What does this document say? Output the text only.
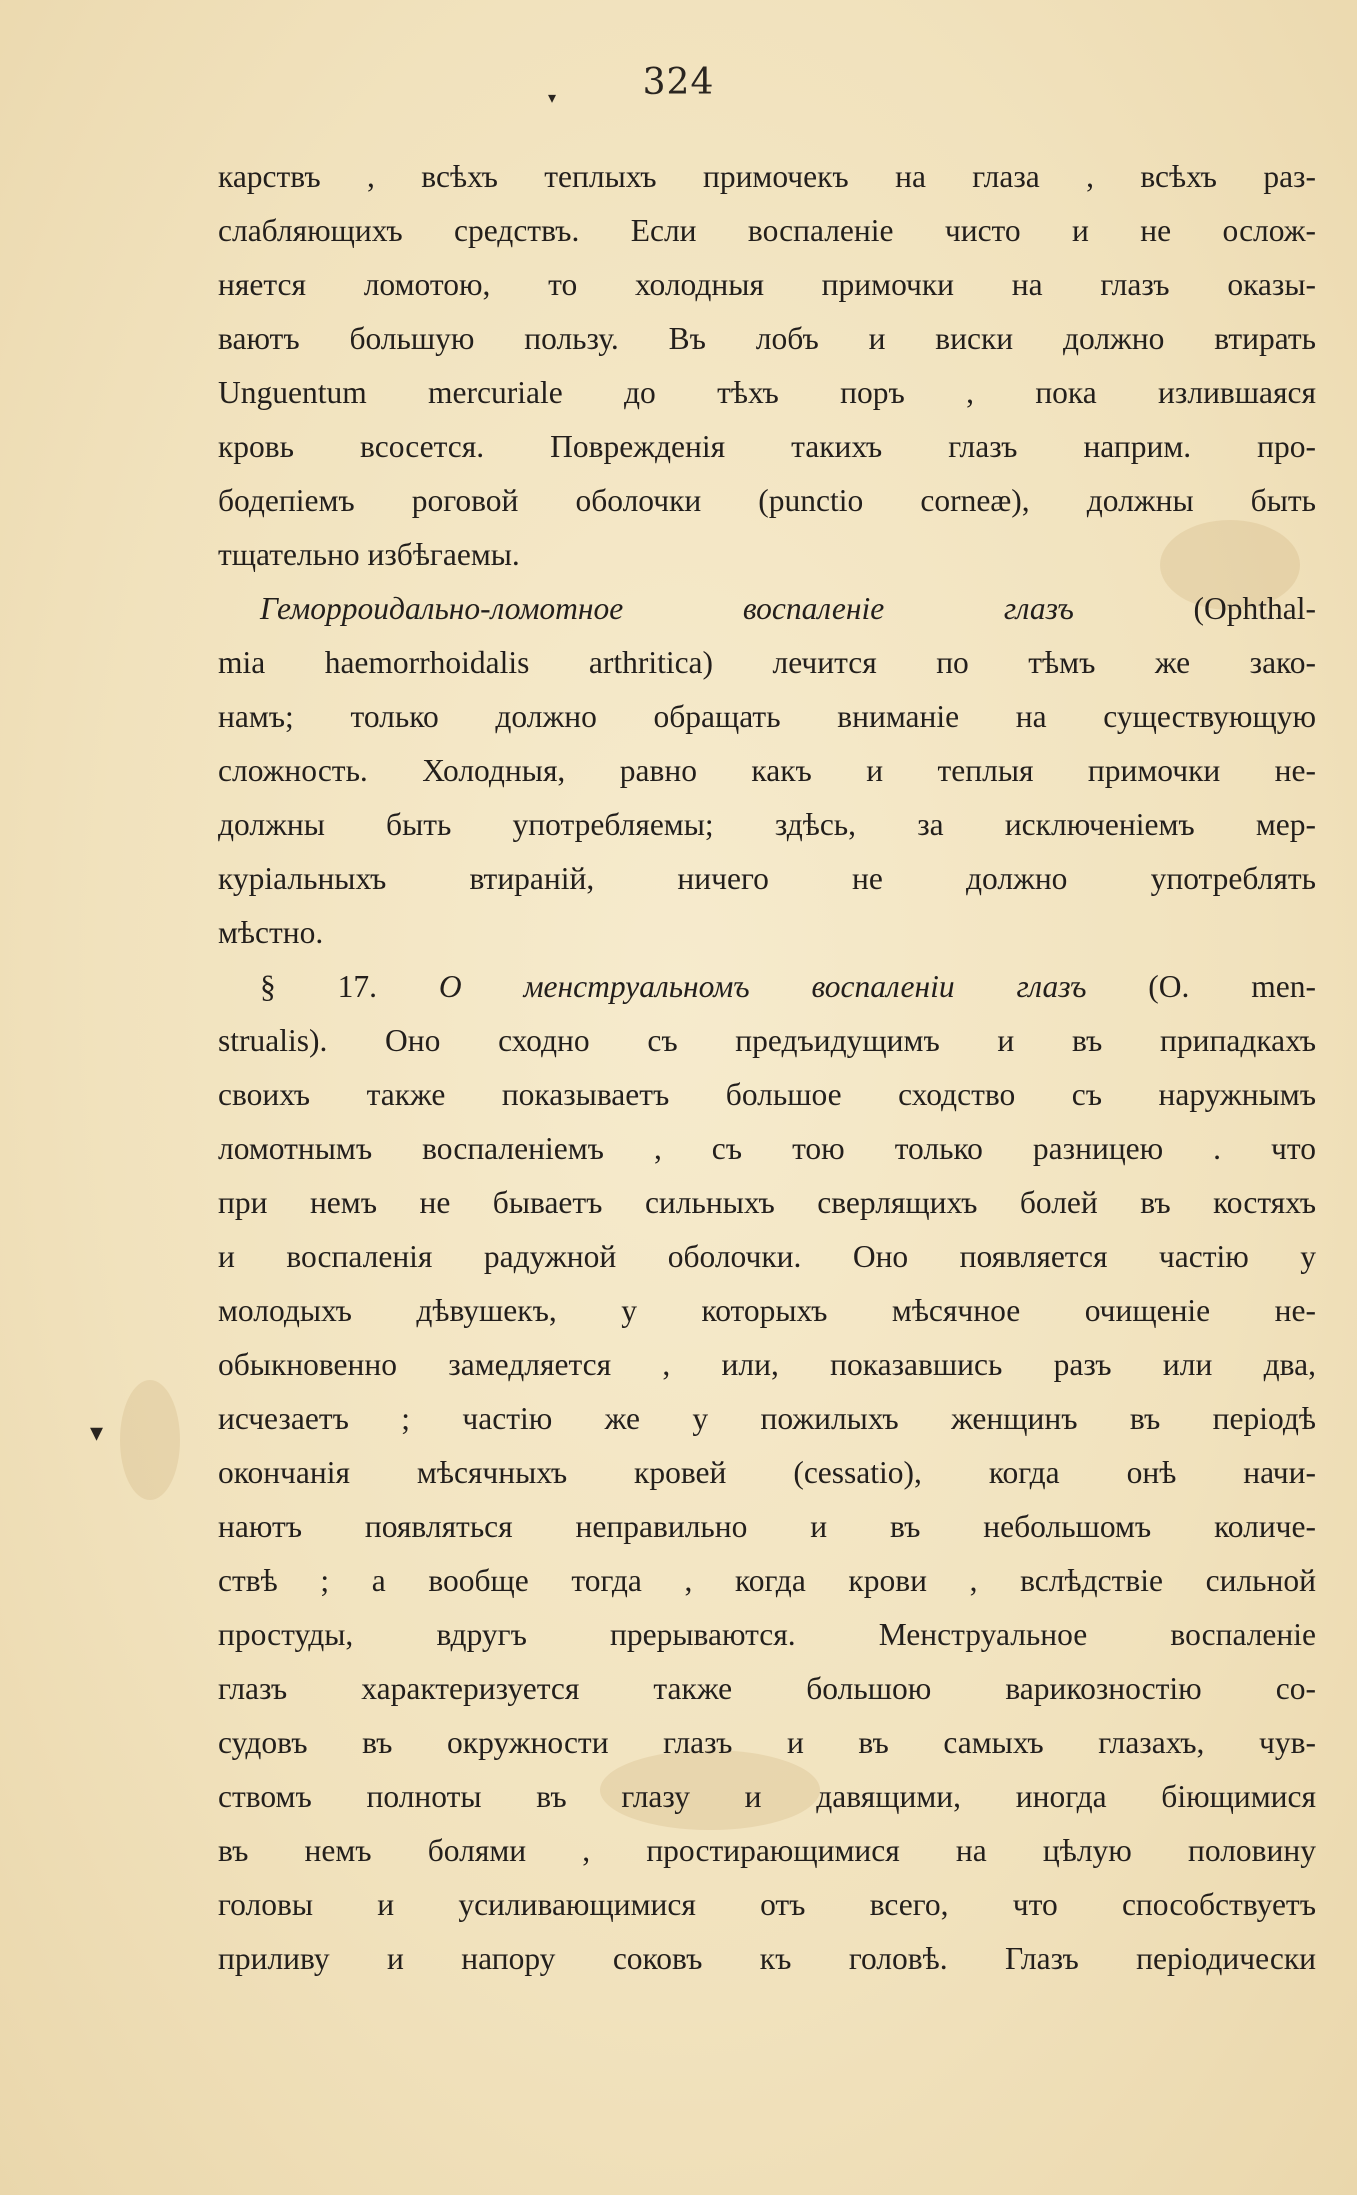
▾
▾
324
карствъ , всѣхъ теплыхъ примочекъ на глаза , всѣхъ раз-
слабляющихъ средствъ. Если воспаленіе чисто и не ослож-
няется ломотою, то холодныя примочки на глазъ оказы-
ваютъ большую пользу. Въ лобъ и виски должно втирать
Unguentum mercuriale до тѣхъ поръ , пока излившаяся
кровь всосется. Поврежденія такихъ глазъ наприм. про-
бодепіемъ роговой оболочки (punctio corneæ), должны быть
тщательно избѣгаемы.
Геморроидально-ломотное воспаленіе глазъ (Ophthal-
mia haemorrhoidalis arthritica) лечится по тѣмъ же зако-
намъ; только должно обращать вниманіе на существующую
сложность. Холодныя, равно какъ и теплыя примочки не-
должны быть употребляемы; здѣсь, за исключеніемъ мер-
куріальныхъ втираній, ничего не должно употреблять
мѣстно.
§ 17. О менструальномъ воспаленіи глазъ (O. men-
strualis). Оно сходно съ предъидущимъ и въ припадкахъ
своихъ также показываетъ большое сходство съ наружнымъ
ломотнымъ воспаленіемъ , съ тою только разницею . что
при немъ не бываетъ сильныхъ сверлящихъ болей въ костяхъ
и воспаленія радужной оболочки. Оно появляется частію у
молодыхъ дѣвушекъ, у которыхъ мѣсячное очищеніе не-
обыкновенно замедляется , или, показавшись разъ или два,
исчезаетъ ; частію же у пожилыхъ женщинъ въ періодѣ
окончанія мѣсячныхъ кровей (cessatio), когда онѣ начи-
наютъ появляться неправильно и въ небольшомъ количе-
ствѣ ; а вообще тогда , когда крови , вслѣдствіе сильной
простуды, вдругъ прерываются. Менструальное воспаленіе
глазъ характеризуется также большою варикозностію со-
судовъ въ окружности глазъ и въ самыхъ глазахъ, чув-
ствомъ полноты въ глазу и давящими, иногда біющимися
въ немъ болями , простирающимися на цѣлую половину
головы и усиливающимися отъ всего, что способствуетъ
приливу и напору соковъ къ головѣ. Глазъ періодически
